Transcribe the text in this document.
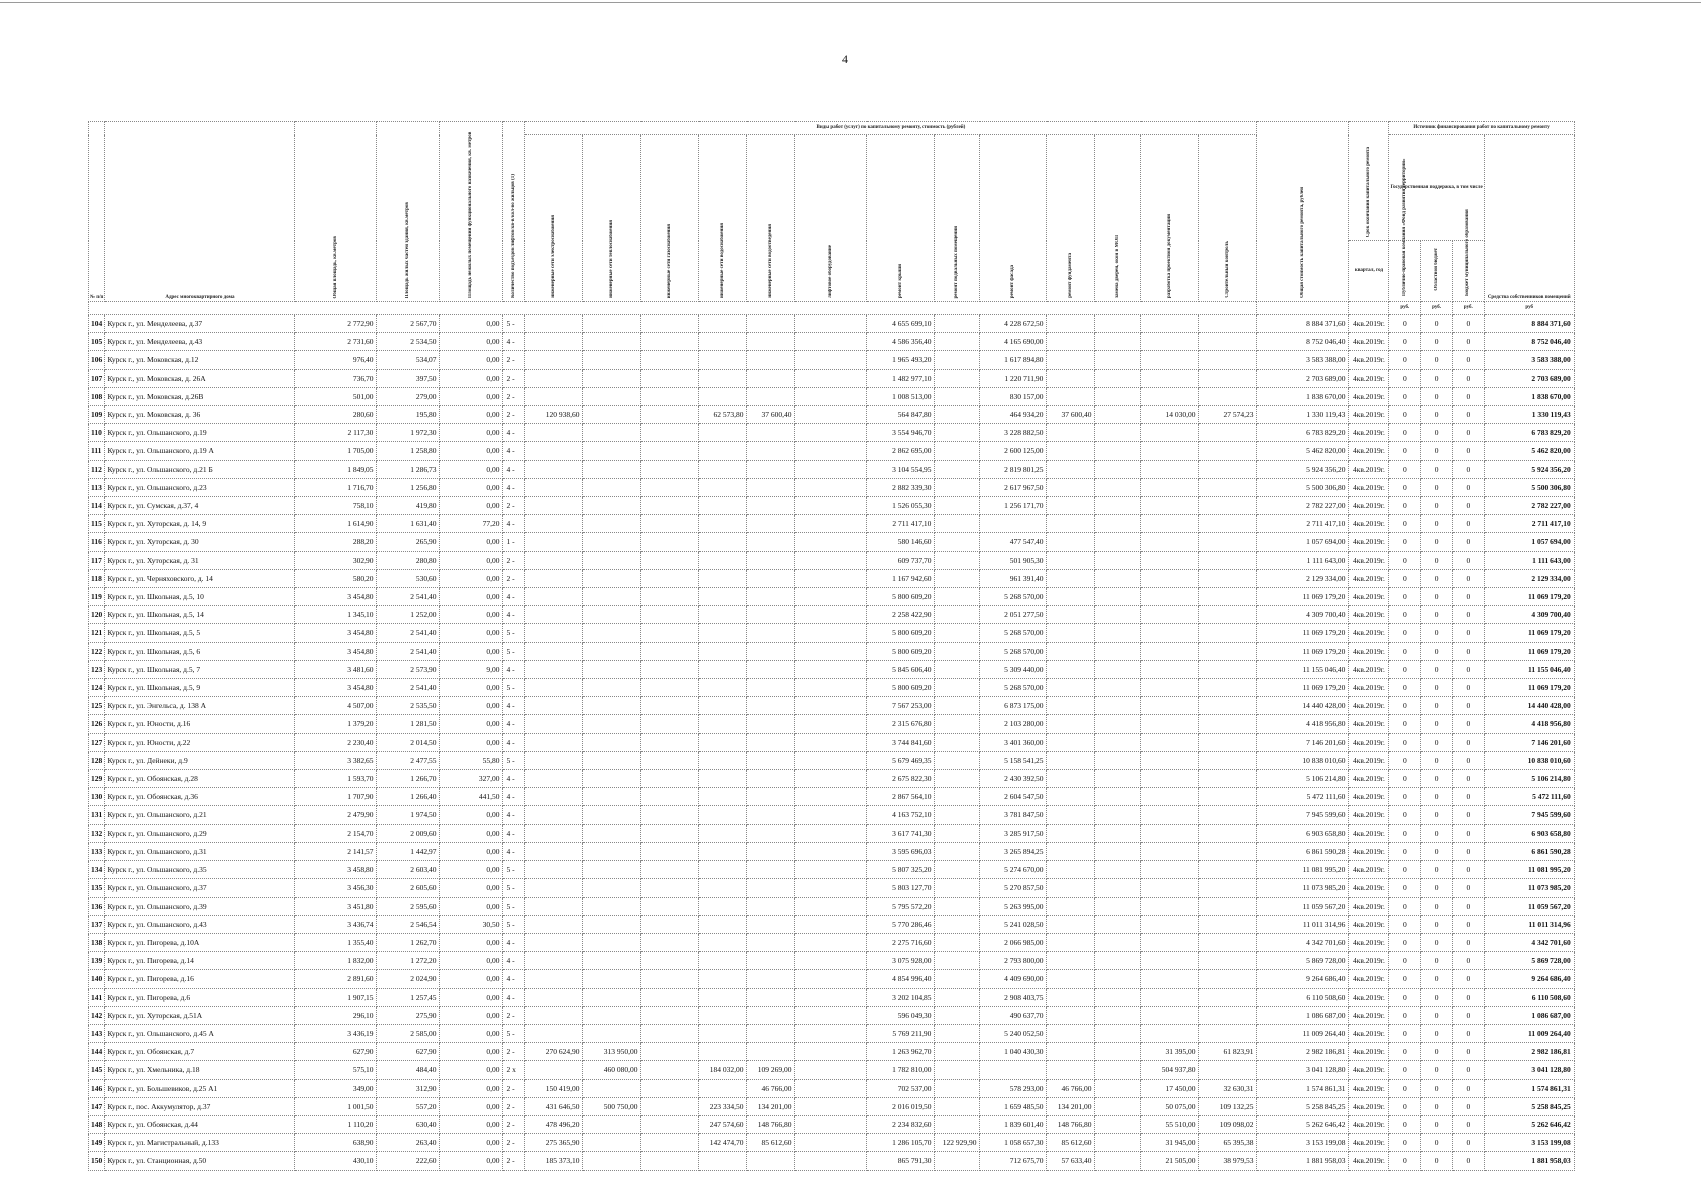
4
№ п/п	Адрес многоквартирного дома	Общая площадь, кв.метров	Площадь жилых частей здания, кв.метров	Площадь нежилых помещений функционального назначения, кв. метров	Количество подъездов/лифтов/кв-в/кол-во жильцов (1)	Виды работ (услуг) по капитальному ремонту, стоимость (рублей)													Общая стоимость капитального ремонта, рублей	Срок окончания капитального ремонта	Источник финансирования работ по капитальному ремонту			
						инженерные сети электроснабжения	инженерные сети теплоснабжения	инженерные сети газоснабжения	инженерные сети водоснабжения	инженерные сети водоотведения	лифтовое оборудование	ремонт крыши	ремонт подвальных помещений	ремонт фасада	ремонт фундамента	замена дверей, окон в МОП	разработка проектной документации	Строительный контроль			Государственная поддержка, в том числе			Средства собственников помещений
																				квартал, год	Публично-правовая компания «Фонд развития территорий»	Областной бюджет	Бюджет муниципального образования	
																					руб.	руб.	руб.	руб
104	Курск г., ул. Менделеева, д.37	2 772,90	2 567,70	0,00	5 -							4 655 699,10		4 228 672,50					8 884 371,60	4кв.2019г.	0	0	0	8 884 371,60
105	Курск г., ул. Менделеева, д.43	2 731,60	2 534,50	0,00	4 -							4 586 356,40		4 165 690,00					8 752 046,40	4кв.2019г.	0	0	0	8 752 046,40
106	Курск г., ул. Моковская, д.12	976,40	534,07	0,00	2 -							1 965 493,20		1 617 894,80					3 583 388,00	4кв.2019г.	0	0	0	3 583 388,00
107	Курск г., ул. Моковская, д. 26А	736,70	397,50	0,00	2 -							1 482 977,10		1 220 711,90					2 703 689,00	4кв.2019г.	0	0	0	2 703 689,00
108	Курск г., ул. Моковская, д.26В	501,00	279,00	0,00	2 -							1 008 513,00		830 157,00					1 838 670,00	4кв.2019г.	0	0	0	1 838 670,00
109	Курск г., ул. Моковская, д. 36	280,60	195,80	0,00	2 -	120 938,60			62 573,80	37 600,40		564 847,80		464 934,20	37 600,40		14 030,00	27 574,23	1 330 119,43	4кв.2019г.	0	0	0	1 330 119,43
110	Курск г., ул. Ольшанского, д.19	2 117,30	1 972,30	0,00	4 -							3 554 946,70		3 228 882,50					6 783 829,20	4кв.2019г.	0	0	0	6 783 829,20
111	Курск г., ул. Ольшанского, д.19 А	1 705,00	1 258,80	0,00	4 -							2 862 695,00		2 600 125,00					5 462 820,00	4кв.2019г.	0	0	0	5 462 820,00
112	Курск г., ул. Ольшанского, д.21 Б	1 849,05	1 286,73	0,00	4 -							3 104 554,95		2 819 801,25					5 924 356,20	4кв.2019г.	0	0	0	5 924 356,20
113	Курск г., ул. Ольшанского, д.23	1 716,70	1 256,80	0,00	4 -							2 882 339,30		2 617 967,50					5 500 306,80	4кв.2019г.	0	0	0	5 500 306,80
114	Курск г., ул. Сумская, д.37, 4	758,10	419,80	0,00	2 -							1 526 055,30		1 256 171,70					2 782 227,00	4кв.2019г.	0	0	0	2 782 227,00
115	Курск г., ул. Хуторская, д. 14, 9	1 614,90	1 631,40	77,20	4 -							2 711 417,10							2 711 417,10	4кв.2019г.	0	0	0	2 711 417,10
116	Курск г., ул. Хуторская, д. 30	288,20	265,90	0,00	1 -							580 146,60		477 547,40					1 057 694,00	4кв.2019г.	0	0	0	1 057 694,00
117	Курск г., ул. Хуторская, д. 31	302,90	280,80	0,00	2 -							609 737,70		501 905,30					1 111 643,00	4кв.2019г.	0	0	0	1 111 643,00
118	Курск г., ул. Черняховского, д. 14	580,20	530,60	0,00	2 -							1 167 942,60		961 391,40					2 129 334,00	4кв.2019г.	0	0	0	2 129 334,00
119	Курск г., ул. Школьная, д.5, 10	3 454,80	2 541,40	0,00	4 -							5 800 609,20		5 268 570,00					11 069 179,20	4кв.2019г.	0	0	0	11 069 179,20
120	Курск г., ул. Школьная, д.5, 14	1 345,10	1 252,00	0,00	4 -							2 258 422,90		2 051 277,50					4 309 700,40	4кв.2019г.	0	0	0	4 309 700,40
121	Курск г., ул. Школьная, д.5, 5	3 454,80	2 541,40	0,00	5 -							5 800 609,20		5 268 570,00					11 069 179,20	4кв.2019г.	0	0	0	11 069 179,20
122	Курск г., ул. Школьная, д.5, 6	3 454,80	2 541,40	0,00	5 -							5 800 609,20		5 268 570,00					11 069 179,20	4кв.2019г.	0	0	0	11 069 179,20
123	Курск г., ул. Школьная, д.5, 7	3 481,60	2 573,90	9,00	4 -							5 845 606,40		5 309 440,00					11 155 046,40	4кв.2019г.	0	0	0	11 155 046,40
124	Курск г., ул. Школьная, д.5, 9	3 454,80	2 541,40	0,00	5 -							5 800 609,20		5 268 570,00					11 069 179,20	4кв.2019г.	0	0	0	11 069 179,20
125	Курск г., ул. Энгельса, д. 138 А	4 507,00	2 535,50	0,00	4 -							7 567 253,00		6 873 175,00					14 440 428,00	4кв.2019г.	0	0	0	14 440 428,00
126	Курск г., ул. Юности, д.16	1 379,20	1 281,50	0,00	4 -							2 315 676,80		2 103 280,00					4 418 956,80	4кв.2019г.	0	0	0	4 418 956,80
127	Курск г., ул. Юности, д.22	2 230,40	2 014,50	0,00	4 -							3 744 841,60		3 401 360,00					7 146 201,60	4кв.2019г.	0	0	0	7 146 201,60
128	Курск г., ул. Дейнеки, д.9	3 382,65	2 477,55	55,80	5 -							5 679 469,35		5 158 541,25					10 838 010,60	4кв.2019г.	0	0	0	10 838 010,60
129	Курск г., ул. Обоянская, д.28	1 593,70	1 266,70	327,00	4 -							2 675 822,30		2 430 392,50					5 106 214,80	4кв.2019г.	0	0	0	5 106 214,80
130	Курск г., ул. Обоянская, д.36	1 707,90	1 266,40	441,50	4 -							2 867 564,10		2 604 547,50					5 472 111,60	4кв.2019г.	0	0	0	5 472 111,60
131	Курск г., ул. Ольшанского, д.21	2 479,90	1 974,50	0,00	4 -							4 163 752,10		3 781 847,50					7 945 599,60	4кв.2019г.	0	0	0	7 945 599,60
132	Курск г., ул. Ольшанского, д.29	2 154,70	2 009,60	0,00	4 -							3 617 741,30		3 285 917,50					6 903 658,80	4кв.2019г.	0	0	0	6 903 658,80
133	Курск г., ул. Ольшанского, д.31	2 141,57	1 442,97	0,00	4 -							3 595 696,03		3 265 894,25					6 861 590,28	4кв.2019г.	0	0	0	6 861 590,28
134	Курск г., ул. Ольшанского, д.35	3 458,80	2 603,40	0,00	5 -							5 807 325,20		5 274 670,00					11 081 995,20	4кв.2019г.	0	0	0	11 081 995,20
135	Курск г., ул. Ольшанского, д.37	3 456,30	2 605,60	0,00	5 -							5 803 127,70		5 270 857,50					11 073 985,20	4кв.2019г.	0	0	0	11 073 985,20
136	Курск г., ул. Ольшанского, д.39	3 451,80	2 595,60	0,00	5 -							5 795 572,20		5 263 995,00					11 059 567,20	4кв.2019г.	0	0	0	11 059 567,20
137	Курск г., ул. Ольшанского, д.43	3 436,74	2 546,54	30,50	5 -							5 770 286,46		5 241 028,50					11 011 314,96	4кв.2019г.	0	0	0	11 011 314,96
138	Курск г., ул. Пигорева, д.10А	1 355,40	1 262,70	0,00	4 -							2 275 716,60		2 066 985,00					4 342 701,60	4кв.2019г.	0	0	0	4 342 701,60
139	Курск г., ул. Пигорева, д.14	1 832,00	1 272,20	0,00	4 -							3 075 928,00		2 793 800,00					5 869 728,00	4кв.2019г.	0	0	0	5 869 728,00
140	Курск г., ул. Пигорева, д.16	2 891,60	2 024,90	0,00	4 -							4 854 996,40		4 409 690,00					9 264 686,40	4кв.2019г.	0	0	0	9 264 686,40
141	Курск г., ул. Пигорева, д.6	1 907,15	1 257,45	0,00	4 -							3 202 104,85		2 908 403,75					6 110 508,60	4кв.2019г.	0	0	0	6 110 508,60
142	Курск г., ул. Хуторская, д.51А	296,10	275,90	0,00	2 -							596 049,30		490 637,70					1 086 687,00	4кв.2019г.	0	0	0	1 086 687,00
143	Курск г., ул. Ольшанского, д.45 А	3 436,19	2 585,00	0,00	5 -							5 769 211,90		5 240 052,50					11 009 264,40	4кв.2019г.	0	0	0	11 009 264,40
144	Курск г., ул. Обоянская, д.7	627,90	627,90	0,00	2 -	270 624,90	313 950,00					1 263 962,70		1 040 430,30			31 395,00	61 823,91	2 982 186,81	4кв.2019г.	0	0	0	2 982 186,81
145	Курск г., ул. Хмельника, д.18	575,10	484,40	0,00	2 х		460 080,00		184 032,00	109 269,00		1 782 810,00					504 937,80		3 041 128,80	4кв.2019г.	0	0	0	3 041 128,80
146	Курск г., ул. Большевиков, д.25 А1	349,00	312,90	0,00	2 -	150 419,00				46 766,00		702 537,00		578 293,00	46 766,00		17 450,00	32 630,31	1 574 861,31	4кв.2019г.	0	0	0	1 574 861,31
147	Курск г., пос. Аккумулятор, д.37	1 001,50	557,20	0,00	2 -	431 646,50	500 750,00		223 334,50	134 201,00		2 016 019,50		1 659 485,50	134 201,00		50 075,00	109 132,25	5 258 845,25	4кв.2019г.	0	0	0	5 258 845,25
148	Курск г., ул. Обоянская, д.44	1 110,20	630,40	0,00	2 -	478 496,20			247 574,60	148 766,80		2 234 832,60		1 839 601,40	148 766,80		55 510,00	109 098,02	5 262 646,42	4кв.2019г.	0	0	0	5 262 646,42
149	Курск г., ул. Магистральный, д.133	638,90	263,40	0,00	2 -	275 365,90			142 474,70	85 612,60		1 286 105,70	122 929,90	1 058 657,30	85 612,60		31 945,00	65 395,38	3 153 199,08	4кв.2019г.	0	0	0	3 153 199,08
150	Курск г., ул. Станционная, д.50	430,10	222,60	0,00	2 -	185 373,10						865 791,30		712 675,70	57 633,40		21 505,00	38 979,53	1 881 958,03	4кв.2019г.	0	0	0	1 881 958,03
